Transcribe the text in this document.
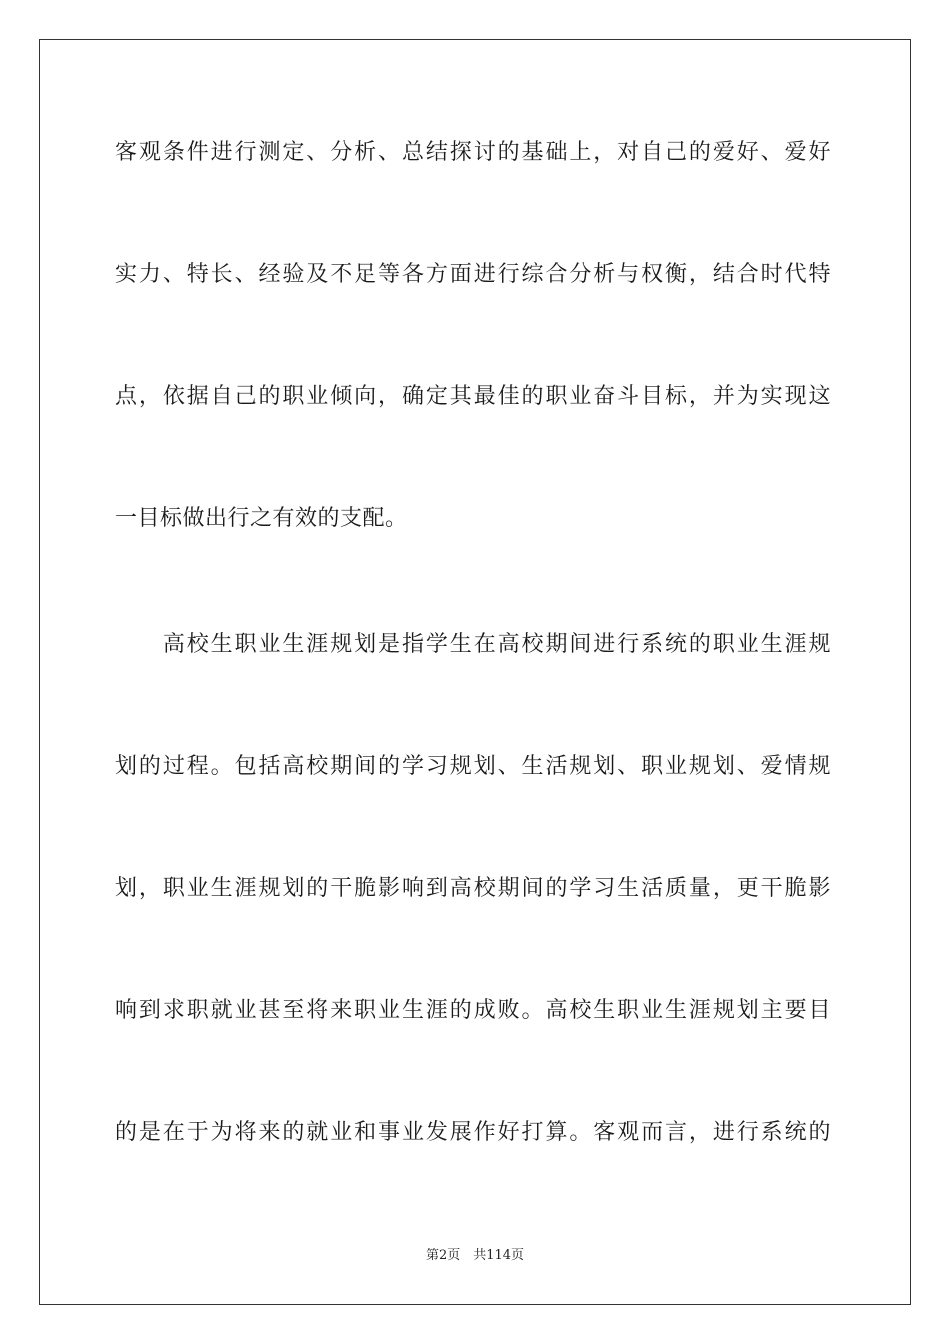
客观条件进行测定、分析、总结探讨的基础上，对自己的爱好、爱好

实力、特长、经验及不足等各方面进行综合分析与权衡，结合时代特

点，依据自己的职业倾向，确定其最佳的职业奋斗目标，并为实现这

一目标做出行之有效的支配。

　　高校生职业生涯规划是指学生在高校期间进行系统的职业生涯规

划的过程。包括高校期间的学习规划、生活规划、职业规划、爱情规

划，职业生涯规划的干脆影响到高校期间的学习生活质量，更干脆影

响到求职就业甚至将来职业生涯的成败。高校生职业生涯规划主要目

的是在于为将来的就业和事业发展作好打算。客观而言，进行系统的

第2页　共114页
